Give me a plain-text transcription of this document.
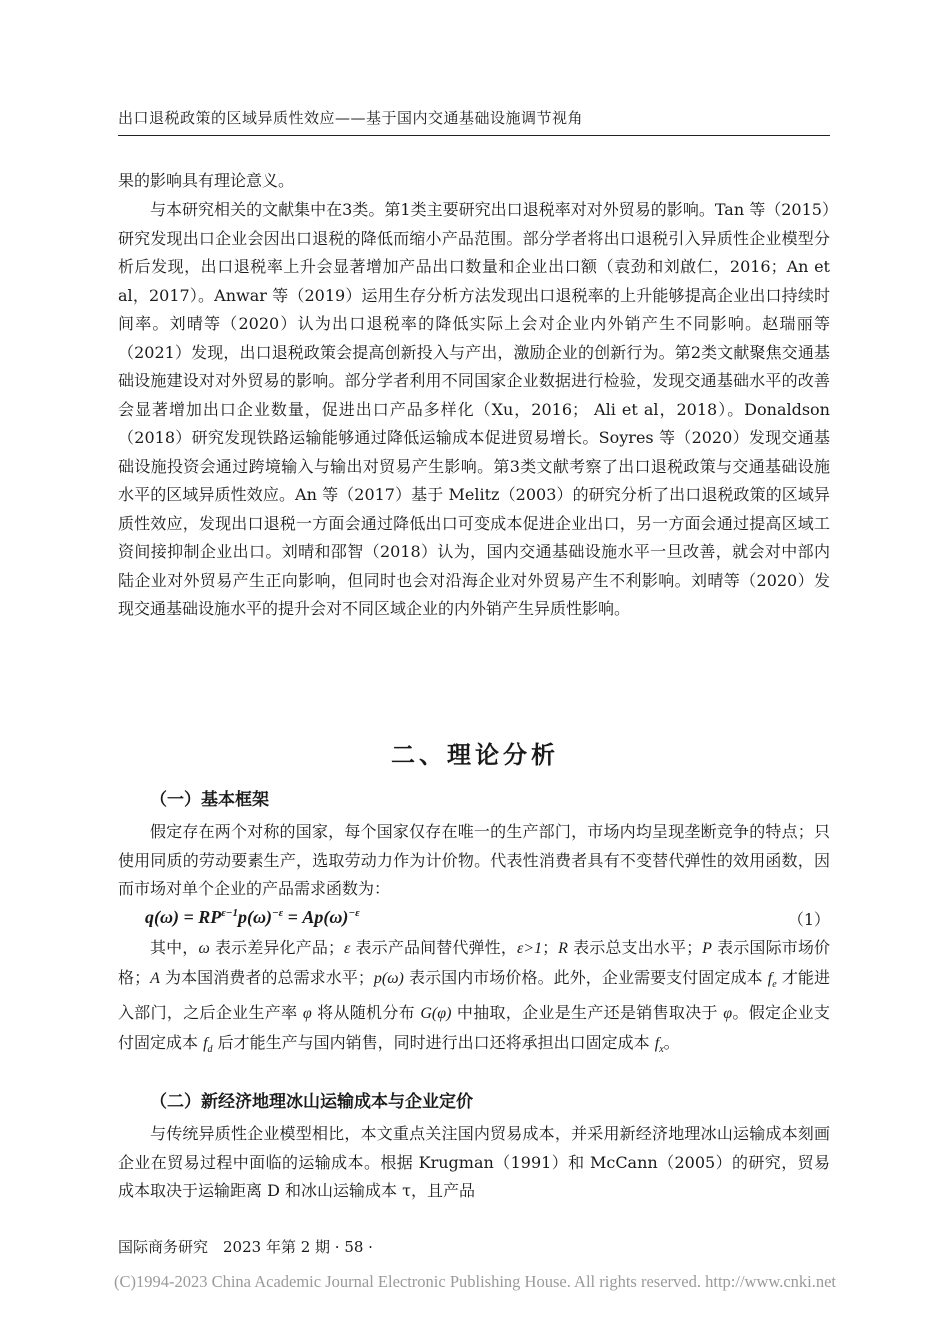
出口退税政策的区域异质性效应——基于国内交通基础设施调节视角

果的影响具有理论意义。

与本研究相关的文献集中在3类。第1类主要研究出口退税率对对外贸易的影响。Tan 等（2015）研究发现出口企业会因出口退税的降低而缩小产品范围。部分学者将出口退税引入异质性企业模型分析后发现，出口退税率上升会显著增加产品出口数量和企业出口额（袁劲和刘啟仁，2016；An et al，2017）。Anwar 等（2019）运用生存分析方法发现出口退税率的上升能够提高企业出口持续时间率。刘晴等（2020）认为出口退税率的降低实际上会对企业内外销产生不同影响。赵瑞丽等（2021）发现，出口退税政策会提高创新投入与产出，激励企业的创新行为。第2类文献聚焦交通基础设施建设对对外贸易的影响。部分学者利用不同国家企业数据进行检验，发现交通基础水平的改善会显著增加出口企业数量，促进出口产品多样化（Xu，2016； Ali et al，2018）。Donaldson（2018）研究发现铁路运输能够通过降低运输成本促进贸易增长。Soyres 等（2020）发现交通基础设施投资会通过跨境输入与输出对贸易产生影响。第3类文献考察了出口退税政策与交通基础设施水平的区域异质性效应。An 等（2017）基于 Melitz（2003）的研究分析了出口退税政策的区域异质性效应，发现出口退税一方面会通过降低出口可变成本促进企业出口，另一方面会通过提高区域工资间接抑制企业出口。刘晴和邵智（2018）认为，国内交通基础设施水平一旦改善，就会对中部内陆企业对外贸易产生正向影响，但同时也会对沿海企业对外贸易产生不利影响。刘晴等（2020）发现交通基础设施水平的提升会对不同区域企业的内外销产生异质性影响。

二、理论分析
（一）基本框架

假定存在两个对称的国家，每个国家仅存在唯一的生产部门，市场内均呈现垄断竞争的特点；只使用同质的劳动要素生产，选取劳动力作为计价物。代表性消费者具有不变替代弹性的效用函数，因而市场对单个企业的产品需求函数为：

$q(\omega) = RP^{\varepsilon-1}p(\omega)^{-\varepsilon} = Ap(\omega)^{-\varepsilon}$	（1）

其中，ω 表示差异化产品；ε 表示产品间替代弹性，ε>1；R 表示总支出水平；P 表示国际市场价格；A 为本国消费者的总需求水平；p(ω) 表示国内市场价格。此外，企业需要支付固定成本 $f_e$ 才能进入部门，之后企业生产率 φ 将从随机分布 G(φ) 中抽取，企业是生产还是销售取决于 φ。假定企业支付固定成本 $f_d$ 后才能生产与国内销售，同时进行出口还将承担出口固定成本 $f_x$。

（二）新经济地理冰山运输成本与企业定价

与传统异质性企业模型相比，本文重点关注国内贸易成本，并采用新经济地理冰山运输成本刻画企业在贸易过程中面临的运输成本。根据 Krugman（1991）和 McCann（2005）的研究，贸易成本取决于运输距离 D 和冰山运输成本 τ，且产品

国际商务研究　2023 年第 2 期 · 58 ·
(C)1994-2023 China Academic Journal Electronic Publishing House. All rights reserved. http://www.cnki.net
